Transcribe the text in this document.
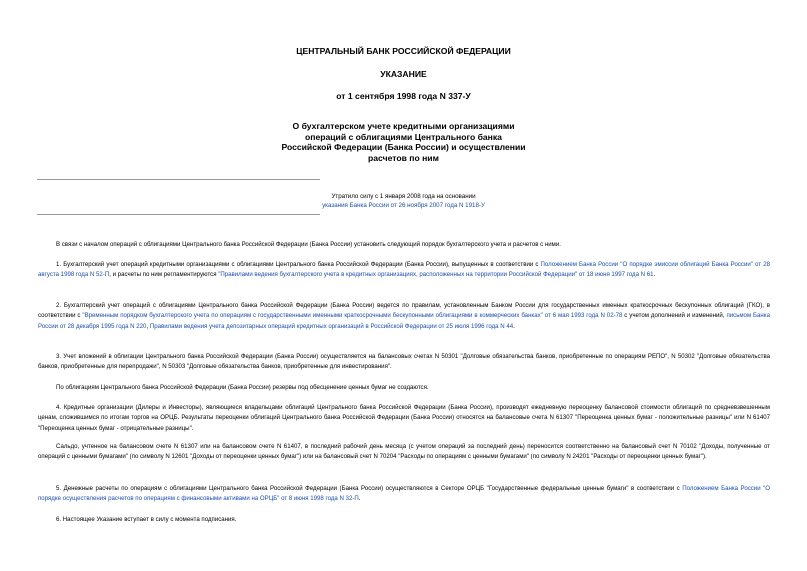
ЦЕНТРАЛЬНЫЙ БАНК РОССИЙСКОЙ ФЕДЕРАЦИИ
УКАЗАНИЕ
от 1 сентября 1998 года N 337-У
О бухгалтерском учете кредитными организациями
операций с облигациями Центрального банка
Российской Федерации (Банка России) и осуществлении
расчетов по ним
Утратило силу с 1 января 2008 года на основании
указания Банка России от 26 ноября 2007 года N 1918-У

В связи с началом операций с облигациями Центрального банка Российской Федерации (Банка России) установить следующий порядок бухгалтерского учета и расчетов с ними.

1. Бухгалтерский учет операций кредитными организациями с облигациями Центрального банка Российской Федерации (Банка России), выпущенных в соответствии с Положением Банка России "О порядке эмиссии облигаций Банка России" от 28 августа 1998 года N 52-П, и расчеты по ним регламентируются "Правилами ведения бухгалтерского учета в кредитных организациях, расположенных на территории Российской Федерации" от 18 июня 1997 года N 61.

2. Бухгалтерский учет операций с облигациями Центрального банка Российской Федерации (Банка России) ведется по правилам, установленным Банком России для государственных именных краткосрочных бескупонных облигаций (ГКО), в соответствии с "Временным порядком бухгалтерского учета по операциям с государственными именными краткосрочными бескупонными облигациями в коммерческих банках" от 6 мая 1993 года N 02-78 с учетом дополнений и изменений, письмом Банка России от 28 декабря 1995 года N 220, Правилами ведения учета депозитарных операций кредитных организаций в Российской Федерации от 25 июля 1996 года N 44.

3. Учет вложений в облигации Центрального банка Российской Федерации (Банка России) осуществляется на балансовых счетах N 50301 "Долговые обязательства банков, приобретенные по операциям РЕПО", N 50302 "Долговые обязательства банков, приобретенные для перепродажи", N 50303 "Долговые обязательства банков, приобретенные для инвестирования".

По облигациям Центрального банка Российской Федерации (Банка России) резервы под обесценение ценных бумаг не создаются.

4. Кредитные организации (Дилеры и Инвесторы), являющиеся владельцами облигаций Центрального банка Российской Федерации (Банка России), производят ежедневную переоценку балансовой стоимости облигаций по средневзвешенным ценам, сложившимся по итогам торгов на ОРЦБ. Результаты переоценки облигаций Центрального банка Российской Федерации (Банка России) относятся на балансовые счета N 61307 "Переоценка ценных бумаг - положительные разницы" или N 61407 "Переоценка ценных бумаг - отрицательные разницы".

Сальдо, учтенное на балансовом счете N 61307 или на балансовом счете N 61407, в последний рабочий день месяца (с учетом операций за последний день) переносится соответственно на балансовый счет N 70102 "Доходы, полученные от операций с ценными бумагами" (по символу N 12601 "Доходы от переоценки ценных бумаг") или на балансовый счет N 70204 "Расходы по операциям с ценными бумагами" (по символу N 24201 "Расходы от переоценки ценных бумаг").

5. Денежные расчеты по операциям с облигациями Центрального банка Российской Федерации (Банка России) осуществляются в Секторе ОРЦБ "Государственные федеральные ценные бумаги" в соответствии с Положением Банка России "О порядке осуществления расчетов по операциям с финансовыми активами на ОРЦБ" от 8 июня 1998 года N 32-П.

6. Настоящее Указание вступает в силу с момента подписания.
